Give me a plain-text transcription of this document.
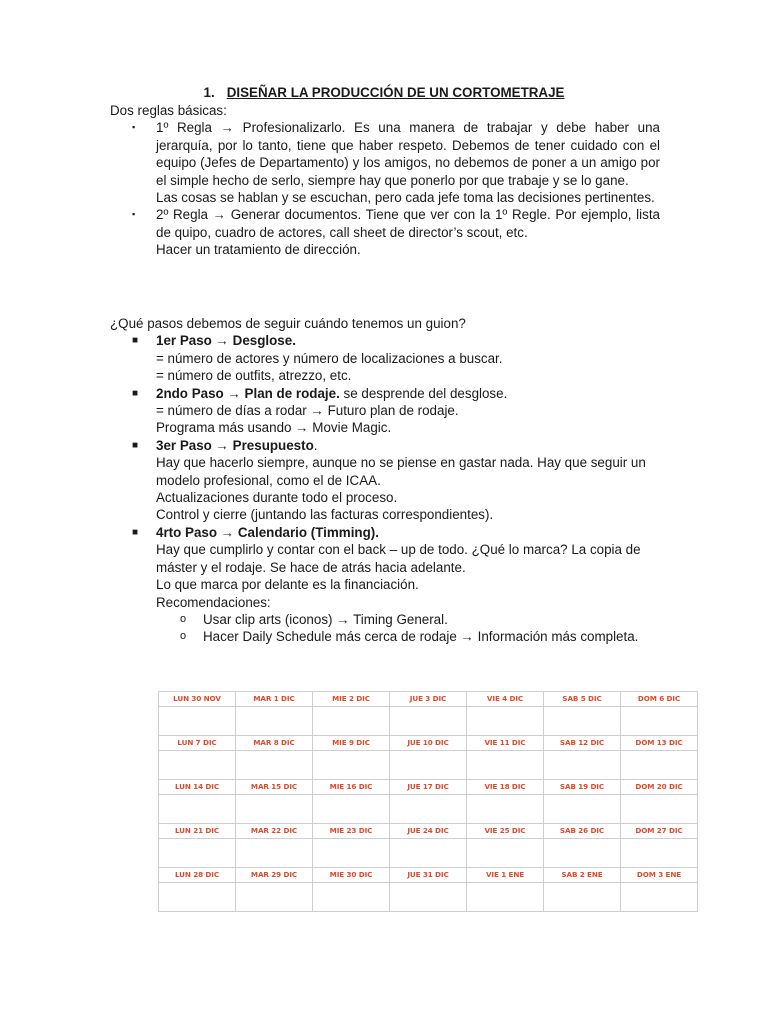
1. DISEÑAR LA PRODUCCIÓN DE UN CORTOMETRAJE

Dos reglas básicas:

▪ 1º Regla → Profesionalizarlo. Es una manera de trabajar y debe haber una jerarquía, por lo tanto, tiene que haber respeto. Debemos de tener cuidado con el equipo (Jefes de Departamento) y los amigos, no debemos de poner a un amigo por el simple hecho de serlo, siempre hay que ponerlo por que trabaje y se lo gane.

Las cosas se hablan y se escuchan, pero cada jefe toma las decisiones pertinentes.

▪ 2º Regla → Generar documentos. Tiene que ver con la 1º Regle. Por ejemplo, lista de quipo, cuadro de actores, call sheet de director’s scout, etc.

Hacer un tratamiento de dirección.

¿Qué pasos debemos de seguir cuándo tenemos un guion?

■ 1er Paso → Desglose.

= número de actores y número de localizaciones a buscar.

= número de outfits, atrezzo, etc.

■ 2ndo Paso → Plan de rodaje. se desprende del desglose.

= número de días a rodar → Futuro plan de rodaje.

Programa más usando → Movie Magic.

■ 3er Paso → Presupuesto.

Hay que hacerlo siempre, aunque no se piense en gastar nada. Hay que seguir un modelo profesional, como el de ICAA.

Actualizaciones durante todo el proceso.

Control y cierre (juntando las facturas correspondientes).

■ 4rto Paso → Calendario (Timming).

Hay que cumplirlo y contar con el back – up de todo. ¿Qué lo marca? La copia de máster y el rodaje. Se hace de atrás hacia adelante.

Lo que marca por delante es la financiación.

Recomendaciones:

o Usar clip arts (iconos) → Timing General.

o Hacer Daily Schedule más cerca de rodaje → Información más completa.

LUN 30 NOV	MAR 1 DIC	MIE 2 DIC	JUE 3 DIC	VIE 4 DIC	SAB 5 DIC	DOM 6 DIC

LUN 7 DIC	MAR 8 DIC	MIE 9 DIC	JUE 10 DIC	VIE 11 DIC	SAB 12 DIC	DOM 13 DIC

LUN 14 DIC	MAR 15 DIC	MIE 16 DIC	JUE 17 DIC	VIE 18 DIC	SAB 19 DIC	DOM 20 DIC

LUN 21 DIC	MAR 22 DIC	MIE 23 DIC	JUE 24 DIC	VIE 25 DIC	SAB 26 DIC	DOM 27 DIC

LUN 28 DIC	MAR 29 DIC	MIE 30 DIC	JUE 31 DIC	VIE 1 ENE	SAB 2 ENE	DOM 3 ENE
